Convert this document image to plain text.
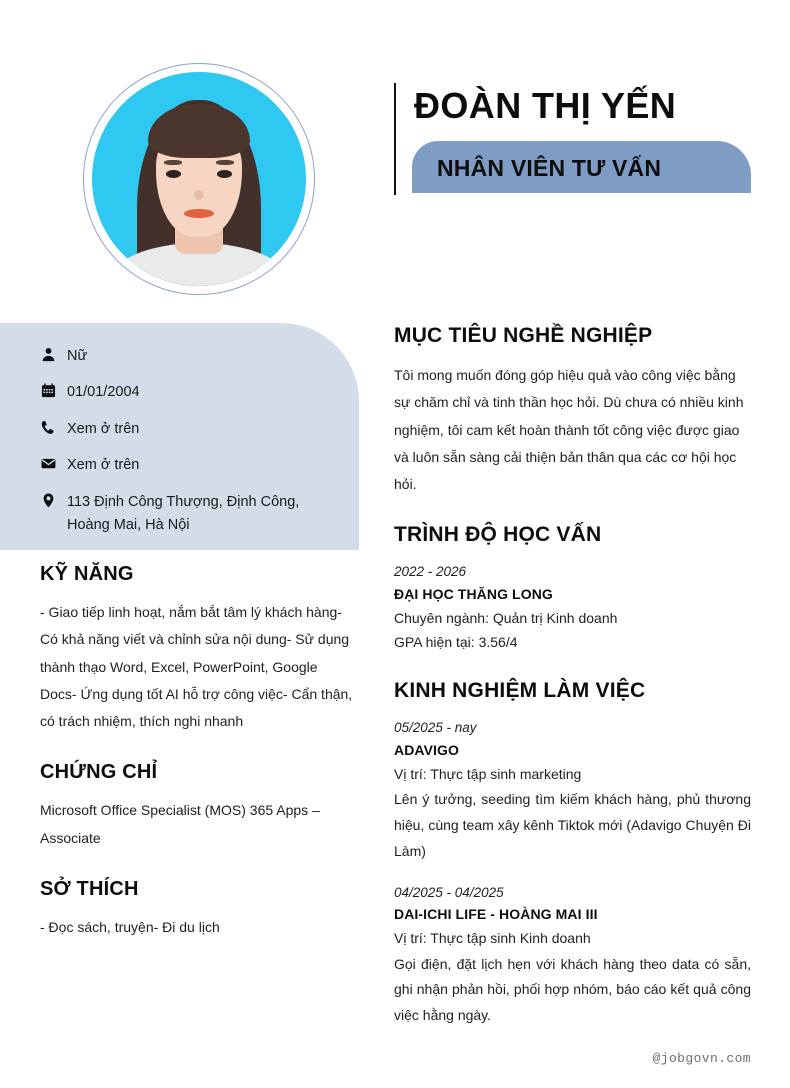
ĐOÀN THỊ YẾN
NHÂN VIÊN TƯ VẤN
Nữ
01/01/2004
Xem ở trên
Xem ở trên
113 Định Công Thượng, Định Công, Hoàng Mai, Hà Nội
KỸ NĂNG
- Giao tiếp linh hoạt, nắm bắt tâm lý khách hàng- Có khả năng viết và chỉnh sửa nội dung- Sử dụng thành thạo Word, Excel, PowerPoint, Google Docs- Ứng dụng tốt AI hỗ trợ công việc- Cẩn thận, có trách nhiệm, thích nghi nhanh
CHỨNG CHỈ
Microsoft Office Specialist (MOS) 365 Apps – Associate
SỞ THÍCH
- Đọc sách, truyện- Đi du lịch
MỤC TIÊU NGHỀ NGHIỆP
Tôi mong muốn đóng góp hiệu quả vào công việc bằng sự chăm chỉ và tinh thần học hỏi. Dù chưa có nhiều kinh nghiệm, tôi cam kết hoàn thành tốt công việc được giao và luôn sẵn sàng cải thiện bản thân qua các cơ hội học hỏi.
TRÌNH ĐỘ HỌC VẤN
2022 - 2026
ĐẠI HỌC THĂNG LONG
Chuyên ngành: Quản trị Kinh doanh
GPA hiện tại: 3.56/4
KINH NGHIỆM LÀM VIỆC
05/2025 - nay
ADAVIGO
Vị trí: Thực tập sinh marketing
Lên ý tưởng, seeding tìm kiếm khách hàng, phủ thương hiệu, cùng team xây kênh Tiktok mới (Adavigo Chuyện Đi Làm)
04/2025 - 04/2025
DAI-ICHI LIFE - HOÀNG MAI III
Vị trí: Thực tập sinh Kinh doanh
Gọi điện, đặt lịch hẹn với khách hàng theo data có sẵn, ghi nhận phản hồi, phối hợp nhóm, báo cáo kết quả công việc hằng ngày.
@jobgovn.com
